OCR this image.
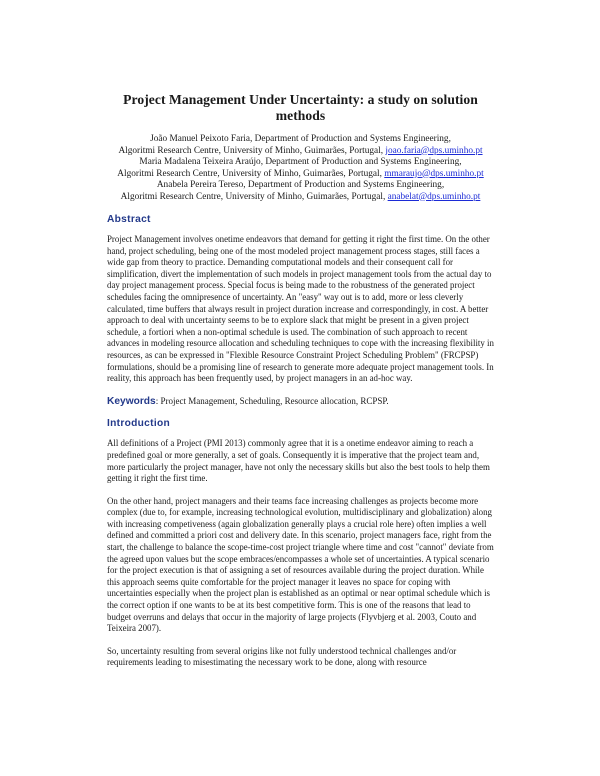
Project Management Under Uncertainty: a study on solution methods
João Manuel Peixoto Faria, Department of Production and Systems Engineering,
Algoritmi Research Centre, University of Minho, Guimarães, Portugal, joao.faria@dps.uminho.pt
Maria Madalena Teixeira Araújo, Department of Production and Systems Engineering,
Algoritmi Research Centre, University of Minho, Guimarães, Portugal, mmaraujo@dps.uminho.pt
Anabela Pereira Tereso, Department of Production and Systems Engineering,
Algoritmi Research Centre, University of Minho, Guimarães, Portugal, anabelat@dps.uminho.pt
Abstract

Project Management involves onetime endeavors that demand for getting it right the first time. On the other hand, project scheduling, being one of the most modeled project management process stages, still faces a wide gap from theory to practice. Demanding computational models and their consequent call for simplification, divert the implementation of such models in project management tools from the actual day to day project management process. Special focus is being made to the robustness of the generated project schedules facing the omnipresence of uncertainty. An "easy" way out is to add, more or less cleverly calculated, time buffers that always result in project duration increase and correspondingly, in cost. A better approach to deal with uncertainty seems to be to explore slack that might be present in a given project schedule, a fortiori when a non-optimal schedule is used. The combination of such approach to recent advances in modeling resource allocation and scheduling techniques to cope with the increasing flexibility in resources, as can be expressed in "Flexible Resource Constraint Project Scheduling Problem" (FRCPSP) formulations, should be a promising line of research to generate more adequate project management tools. In reality, this approach has been frequently used, by project managers in an ad-hoc way.

Keywords: Project Management, Scheduling, Resource allocation, RCPSP.

Introduction

All definitions of a Project (PMI 2013) commonly agree that it is a onetime endeavor aiming to reach a predefined goal or more generally, a set of goals. Consequently it is imperative that the project team and, more particularly the project manager, have not only the necessary skills but also the best tools to help them getting it right the first time.

On the other hand, project managers and their teams face increasing challenges as projects become more complex (due to, for example, increasing technological evolution, multidisciplinary and globalization) along with increasing competiveness (again globalization generally plays a crucial role here) often implies a well defined and committed a priori cost and delivery date. In this scenario, project managers face, right from the start, the challenge to balance the scope-time-cost project triangle where time and cost "cannot" deviate from the agreed upon values but the scope embraces/encompasses a whole set of uncertainties. A typical scenario for the project execution is that of assigning a set of resources available during the project duration. While this approach seems quite comfortable for the project manager it leaves no space for coping with uncertainties especially when the project plan is established as an optimal or near optimal schedule which is the correct option if one wants to be at its best competitive form. This is one of the reasons that lead to budget overruns and delays that occur in the majority of large projects (Flyvbjerg et al. 2003, Couto and Teixeira 2007).

So, uncertainty resulting from several origins like not fully understood technical challenges and/or requirements leading to misestimating the necessary work to be done, along with resource
